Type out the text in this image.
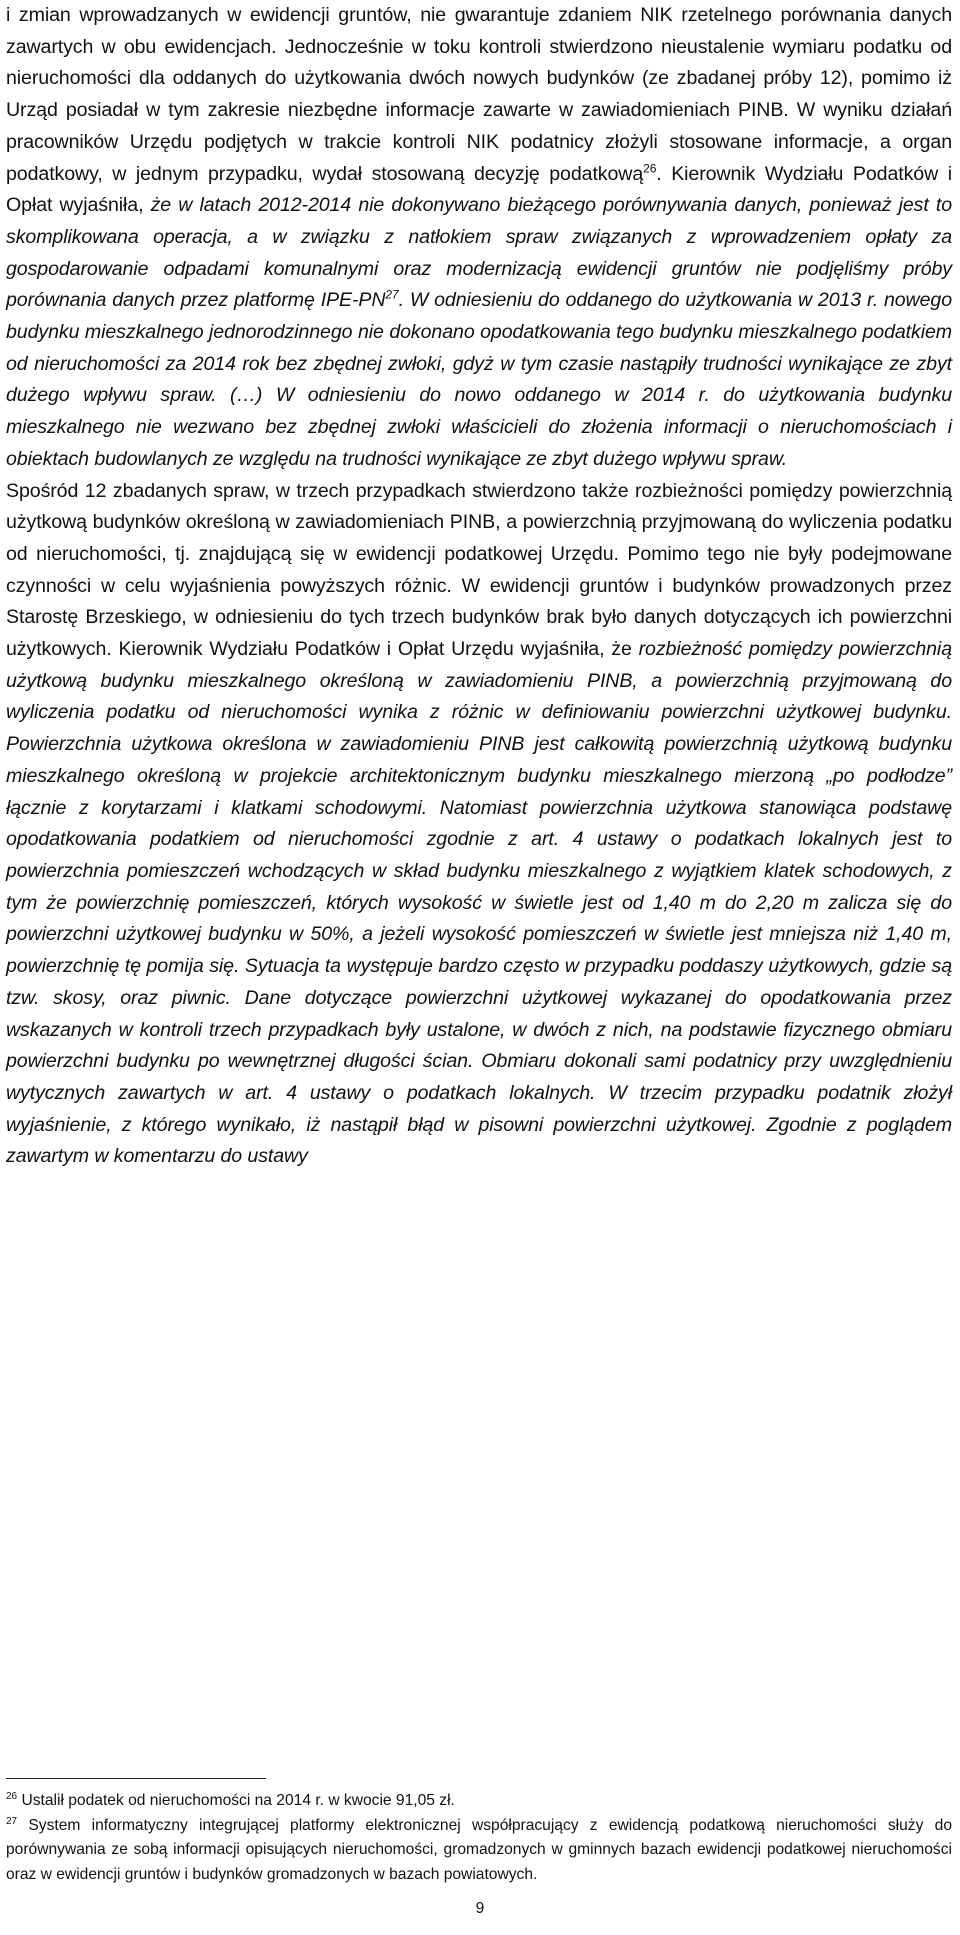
i zmian wprowadzanych w ewidencji gruntów, nie gwarantuje zdaniem NIK rzetelnego porównania danych zawartych w obu ewidencjach. Jednocześnie w toku kontroli stwierdzono nieustalenie wymiaru podatku od nieruchomości dla oddanych do użytkowania dwóch nowych budynków (ze zbadanej próby 12), pomimo iż Urząd posiadał w tym zakresie niezbędne informacje zawarte w zawiadomieniach PINB. W wyniku działań pracowników Urzędu podjętych w trakcie kontroli NIK podatnicy złożyli stosowane informacje, a organ podatkowy, w jednym przypadku, wydał stosowaną decyzję podatkową$^{26}$. Kierownik Wydziału Podatków i Opłat wyjaśniła, że w latach 2012-2014 nie dokonywano bieżącego porównywania danych, ponieważ jest to skomplikowana operacja, a w związku z natłokiem spraw związanych z wprowadzeniem opłaty za gospodarowanie odpadami komunalnymi oraz modernizacją ewidencji gruntów nie podjęliśmy próby porównania danych przez platformę IPE-PN$^{27}$. W odniesieniu do oddanego do użytkowania w 2013 r. nowego budynku mieszkalnego jednorodzinnego nie dokonano opodatkowania tego budynku mieszkalnego podatkiem od nieruchomości za 2014 rok bez zbędnej zwłoki, gdyż w tym czasie nastąpiły trudności wynikające ze zbyt dużego wpływu spraw. (…) W odniesieniu do nowo oddanego w 2014 r. do użytkowania budynku mieszkalnego nie wezwano bez zbędnej zwłoki właścicieli do złożenia informacji o nieruchomościach i obiektach budowlanych ze względu na trudności wynikające ze zbyt dużego wpływu spraw.

Spośród 12 zbadanych spraw, w trzech przypadkach stwierdzono także rozbieżności pomiędzy powierzchnią użytkową budynków określoną w zawiadomieniach PINB, a powierzchnią przyjmowaną do wyliczenia podatku od nieruchomości, tj. znajdującą się w ewidencji podatkowej Urzędu. Pomimo tego nie były podejmowane czynności w celu wyjaśnienia powyższych różnic. W ewidencji gruntów i budynków prowadzonych przez Starostę Brzeskiego, w odniesieniu do tych trzech budynków brak było danych dotyczących ich powierzchni użytkowych. Kierownik Wydziału Podatków i Opłat Urzędu wyjaśniła, że rozbieżność pomiędzy powierzchnią użytkową budynku mieszkalnego określoną w zawiadomieniu PINB, a powierzchnią przyjmowaną do wyliczenia podatku od nieruchomości wynika z różnic w definiowaniu powierzchni użytkowej budynku. Powierzchnia użytkowa określona w zawiadomieniu PINB jest całkowitą powierzchnią użytkową budynku mieszkalnego określoną w projekcie architektonicznym budynku mieszkalnego mierzoną „po podłodze” łącznie z korytarzami i klatkami schodowymi. Natomiast powierzchnia użytkowa stanowiąca podstawę opodatkowania podatkiem od nieruchomości zgodnie z art. 4 ustawy o podatkach lokalnych jest to powierzchnia pomieszczeń wchodzących w skład budynku mieszkalnego z wyjątkiem klatek schodowych, z tym że powierzchnię pomieszczeń, których wysokość w świetle jest od 1,40 m do 2,20 m zalicza się do powierzchni użytkowej budynku w 50%, a jeżeli wysokość pomieszczeń w świetle jest mniejsza niż 1,40 m, powierzchnię tę pomija się. Sytuacja ta występuje bardzo często w przypadku poddaszy użytkowych, gdzie są tzw. skosy, oraz piwnic. Dane dotyczące powierzchni użytkowej wykazanej do opodatkowania przez wskazanych w kontroli trzech przypadkach były ustalone, w dwóch z nich, na podstawie fizycznego obmiaru powierzchni budynku po wewnętrznej długości ścian. Obmiaru dokonali sami podatnicy przy uwzględnieniu wytycznych zawartych w art. 4 ustawy o podatkach lokalnych. W trzecim przypadku podatnik złożył wyjaśnienie, z którego wynikało, iż nastąpił błąd w pisowni powierzchni użytkowej. Zgodnie z poglądem zawartym w komentarzu do ustawy

$^{26}$ Ustalił podatek od nieruchomości na 2014 r. w kwocie 91,05 zł.

$^{27}$ System informatyczny integrującej platformy elektronicznej współpracujący z ewidencją podatkową nieruchomości służy do porównywania ze sobą informacji opisujących nieruchomości, gromadzonych w gminnych bazach ewidencji podatkowej nieruchomości oraz w ewidencji gruntów i budynków gromadzonych w bazach powiatowych.

9
